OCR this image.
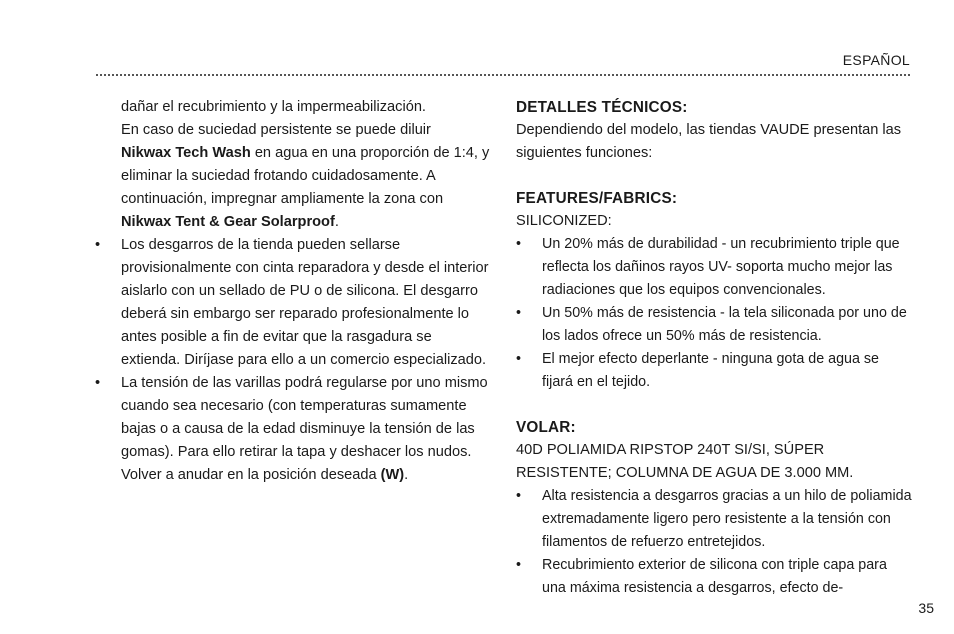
ESPAÑOL

dañar el recubrimiento y la impermeabilización.

En caso de suciedad persistente se puede diluir
Nikwax Tech Wash en agua en una proporción de 1:4, y eliminar la suciedad frotando cuidadosamente. A continuación, impregnar ampliamente la zona con Nikwax Tent & Gear Solarproof.

• Los desgarros de la tienda pueden sellarse provisionalmente con cinta reparadora y desde el interior aislarlo con un sellado de PU o de silicona. El desgarro deberá sin embargo ser reparado profesionalmente lo antes posible a fin de evitar que la rasgadura se extienda. Diríjase para ello a un comercio especializado.
• La tensión de las varillas podrá regularse por uno mismo cuando sea necesario (con temperaturas sumamente bajas o a causa de la edad disminuye la tensión de las gomas). Para ello retirar la tapa y deshacer los nudos. Volver a anudar en la posición deseada (W).

DETALLES TÉCNICOS:

Dependiendo del modelo, las tiendas VAUDE presentan las siguientes funciones:

FEATURES/FABRICS:

SILICONIZED:

• Un 20% más de durabilidad - un recubrimiento triple que reflecta los dañinos rayos UV- soporta mucho mejor las radiaciones que los equipos convencionales.
• Un 50% más de resistencia - la tela siliconada por uno de los lados ofrece un 50% más de resistencia.
• El mejor efecto deperlante - ninguna gota de agua se fijará en el tejido.

VOLAR:

40D POLIAMIDA RIPSTOP 240T SI/SI, SÚPER RESISTENTE; COLUMNA DE AGUA DE 3.000 MM.

• Alta resistencia a desgarros gracias a un hilo de poliamida extremadamente ligero pero resistente a la tensión con filamentos de refuerzo entretejidos.
• Recubrimiento exterior de silicona con triple capa para una máxima resistencia a desgarros, efecto de-
35
